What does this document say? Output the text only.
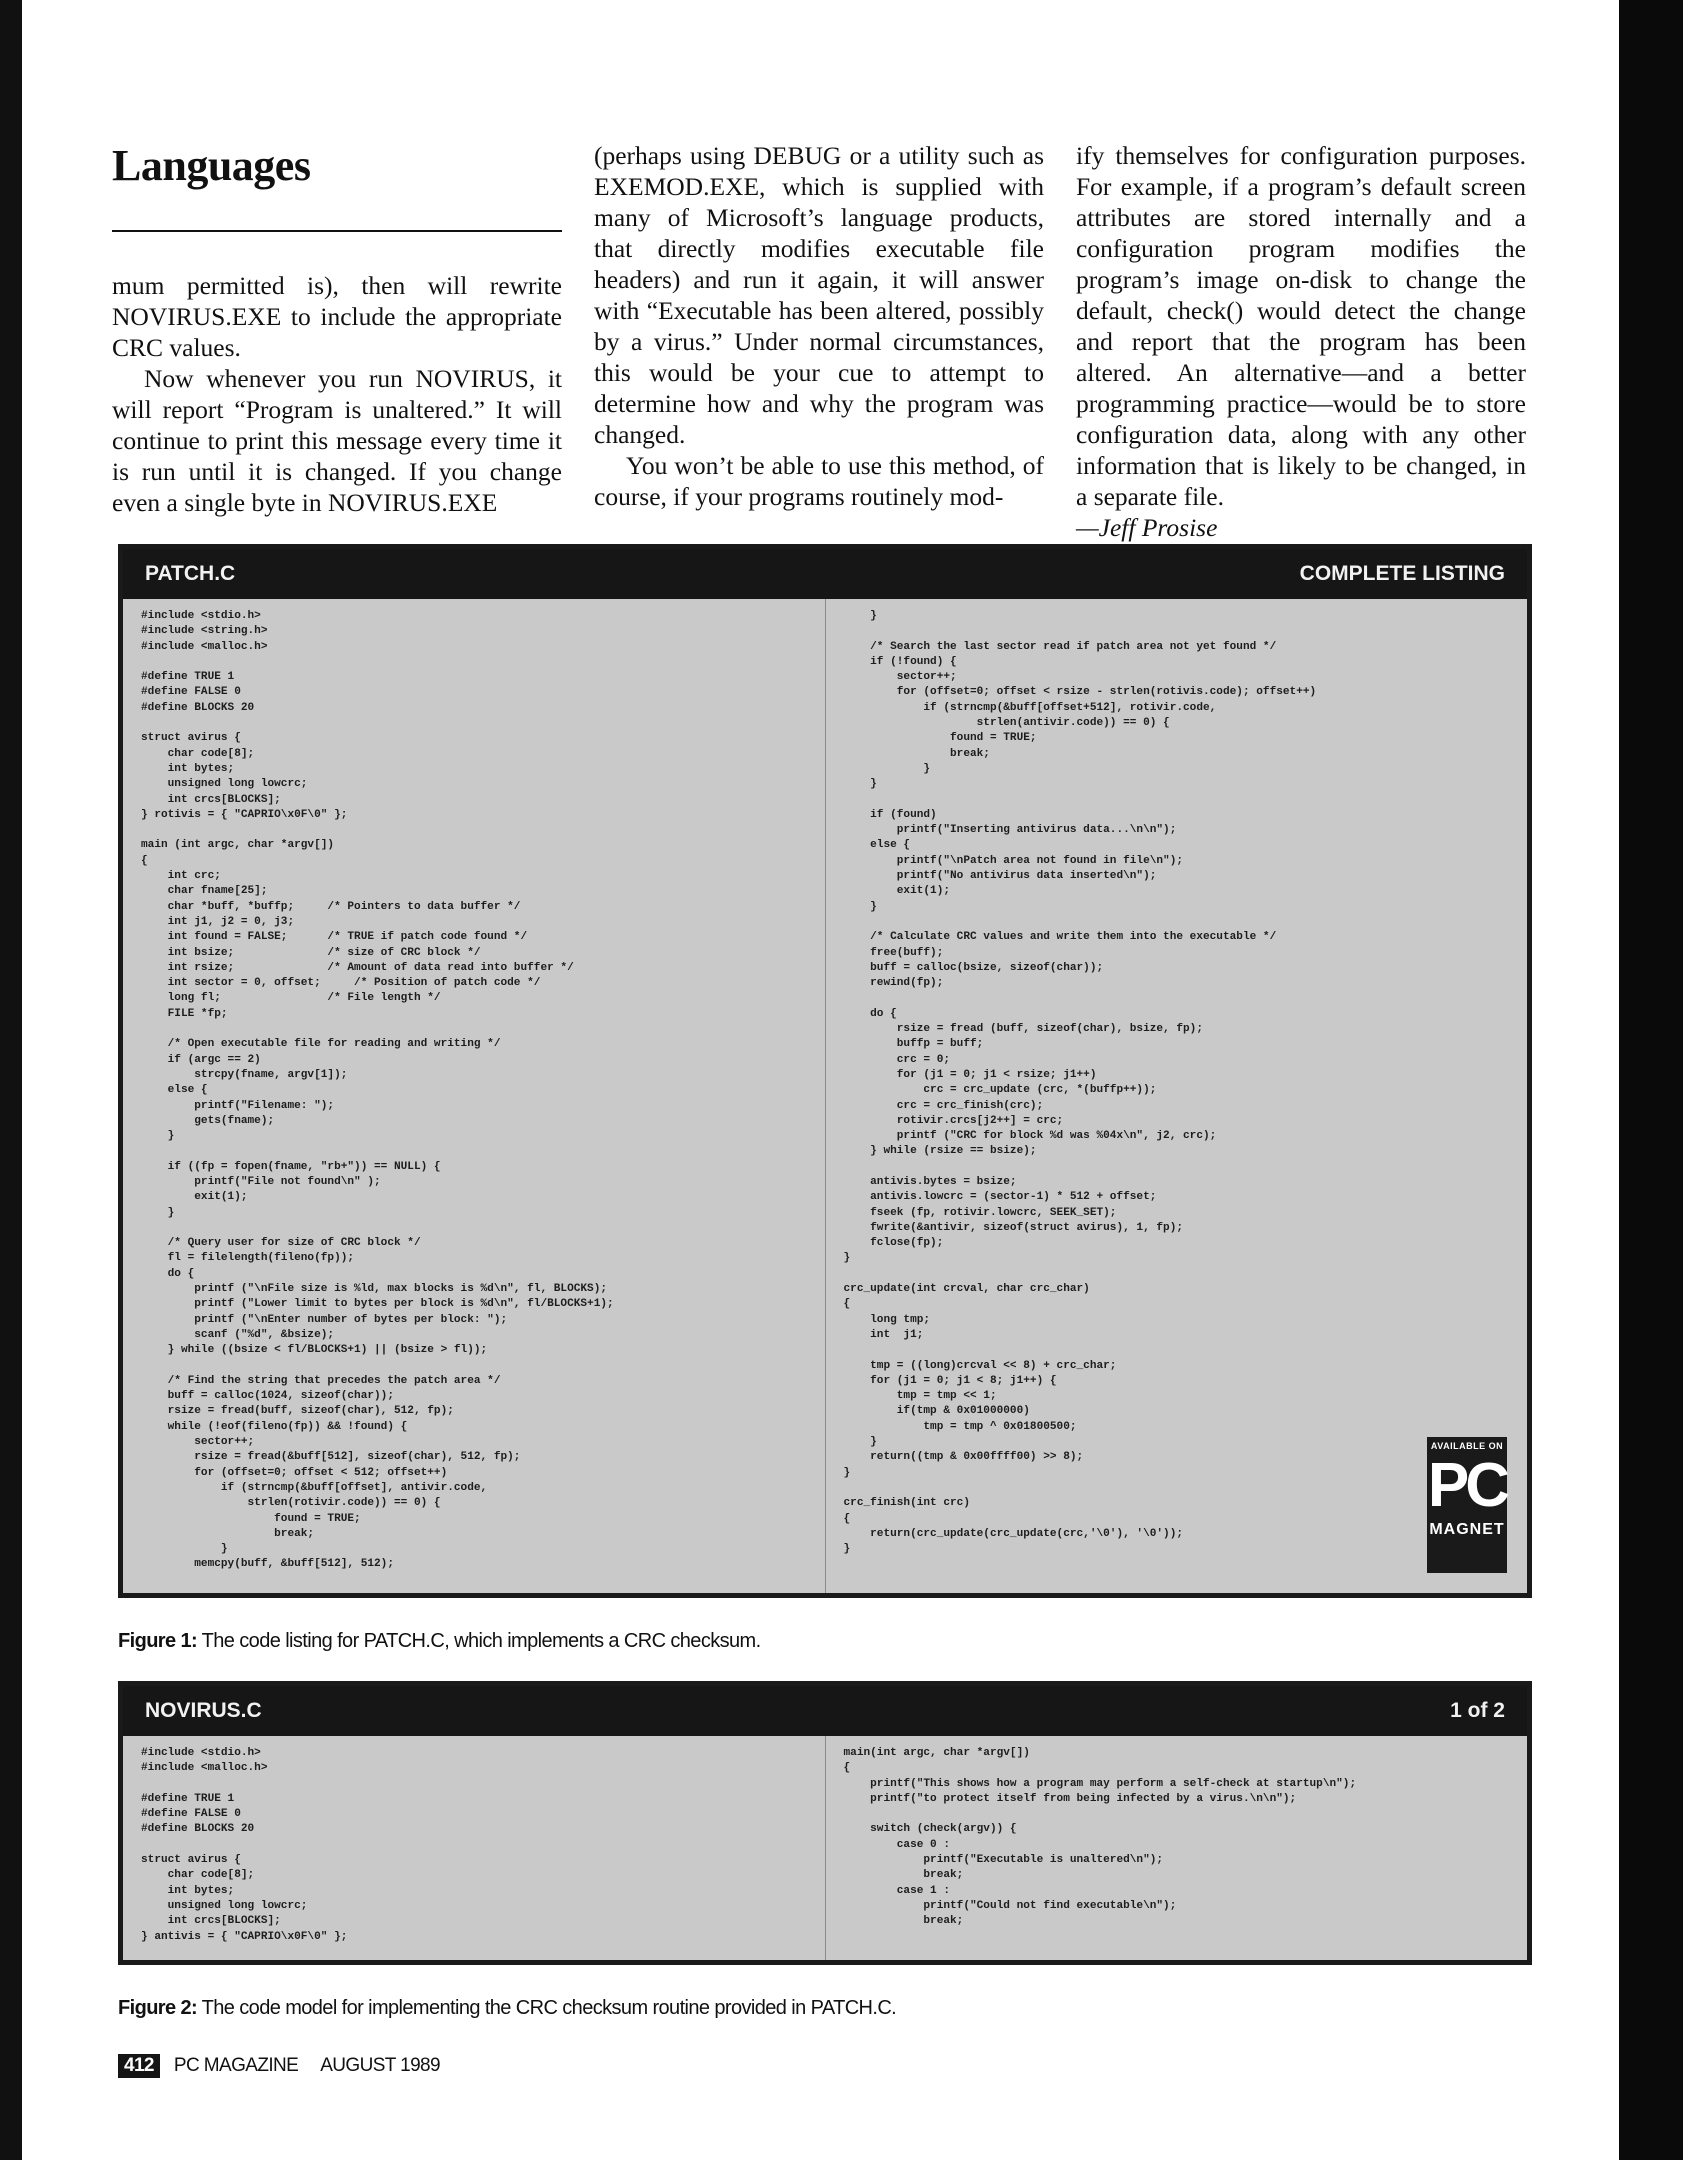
Languages

mum permitted is), then will rewrite NOVIRUS.EXE to include the appropriate CRC values.

Now whenever you run NOVIRUS, it will report “Program is unaltered.” It will continue to print this message every time it is run until it is changed. If you change even a single byte in NOVIRUS.EXE

(perhaps using DEBUG or a utility such as EXEMOD.EXE, which is supplied with many of Microsoft’s language products, that directly modifies executable file headers) and run it again, it will answer with “Executable has been altered, possibly by a virus.” Under normal circumstances, this would be your cue to attempt to determine how and why the program was changed.

You won’t be able to use this method, of course, if your programs routinely mod-

ify themselves for configuration purposes. For example, if a program’s default screen attributes are stored internally and a configuration program modifies the program’s image on-disk to change the default, check() would detect the change and report that the program has been altered. An alternative—and a better programming practice—would be to store configuration data, along with any other information that is likely to be changed, in a separate file.

—Jeff Prosise

PATCH.C	COMPLETE LISTING
#include <stdio.h>
#include <string.h>
#include <malloc.h>

#define TRUE 1
#define FALSE 0
#define BLOCKS 20

struct avirus {
char code[8];
int bytes;
unsigned long lowcrc;
int crcs[BLOCKS];
} rotivis = { "CAPRIO\x0F\0" };

main (int argc, char *argv[])
{
int crc;
char fname[25];
char *buff, *buffp;     /* Pointers to data buffer */
int j1, j2 = 0, j3;
int found = FALSE;      /* TRUE if patch code found */
int bsize;              /* size of CRC block */
int rsize;              /* Amount of data read into buffer */
int sector = 0, offset;     /* Position of patch code */
long fl;                /* File length */
FILE *fp;

/* Open executable file for reading and writing */
if (argc == 2)
strcpy(fname, argv[1]);
else {
printf("Filename: ");
gets(fname);
}

if ((fp = fopen(fname, "rb+")) == NULL) {
printf("File not found\n" );
exit(1);
}

/* Query user for size of CRC block */
fl = filelength(fileno(fp));
do {
printf ("\nFile size is %ld, max blocks is %d\n", fl, BLOCKS);
printf ("Lower limit to bytes per block is %d\n", fl/BLOCKS+1);
printf ("\nEnter number of bytes per block: ");
scanf ("%d", &bsize);
} while ((bsize < fl/BLOCKS+1) || (bsize > fl));

/* Find the string that precedes the patch area */
buff = calloc(1024, sizeof(char));
rsize = fread(buff, sizeof(char), 512, fp);
while (!eof(fileno(fp)) && !found) {
sector++;
rsize = fread(&buff[512], sizeof(char), 512, fp);
for (offset=0; offset < 512; offset++)
if (strncmp(&buff[offset], antivir.code,
strlen(rotivir.code)) == 0) {
found = TRUE;
break;
}
memcpy(buff, &buff[512], 512);
}

/* Search the last sector read if patch area not yet found */
if (!found) {
sector++;
for (offset=0; offset < rsize - strlen(rotivis.code); offset++)
if (strncmp(&buff[offset+512], rotivir.code,
strlen(antivir.code)) == 0) {
found = TRUE;
break;
}
}

if (found)
printf("Inserting antivirus data...\n\n");
else {
printf("\nPatch area not found in file\n");
printf("No antivirus data inserted\n");
exit(1);
}

/* Calculate CRC values and write them into the executable */
free(buff);
buff = calloc(bsize, sizeof(char));
rewind(fp);

do {
rsize = fread (buff, sizeof(char), bsize, fp);
buffp = buff;
crc = 0;
for (j1 = 0; j1 < rsize; j1++)
crc = crc_update (crc, *(buffp++));
crc = crc_finish(crc);
rotivir.crcs[j2++] = crc;
printf ("CRC for block %d was %04x\n", j2, crc);
} while (rsize == bsize);

antivis.bytes = bsize;
antivis.lowcrc = (sector-1) * 512 + offset;
fseek (fp, rotivir.lowcrc, SEEK_SET);
fwrite(&antivir, sizeof(struct avirus), 1, fp);
fclose(fp);
}

crc_update(int crcval, char crc_char)
{
long tmp;
int  j1;

tmp = ((long)crcval << 8) + crc_char;
for (j1 = 0; j1 < 8; j1++) {
tmp = tmp << 1;
if(tmp & 0x01000000)
tmp = tmp ^ 0x01800500;
}
return((tmp & 0x00ffff00) >> 8);
}

crc_finish(int crc)
{
return(crc_update(crc_update(crc,'\0'), '\0'));
}
AVAILABLE ON
PC
MAGNET
Figure 1: The code listing for PATCH.C, which implements a CRC checksum.
NOVIRUS.C	1 of 2
#include <stdio.h>
#include <malloc.h>

#define TRUE 1
#define FALSE 0
#define BLOCKS 20

struct avirus {
char code[8];
int bytes;
unsigned long lowcrc;
int crcs[BLOCKS];
} antivis = { "CAPRIO\x0F\0" };
main(int argc, char *argv[])
{
printf("This shows how a program may perform a self-check at startup\n");
printf("to protect itself from being infected by a virus.\n\n");

switch (check(argv)) {
case 0 :
printf("Executable is unaltered\n");
break;
case 1 :
printf("Could not find executable\n");
break;
Figure 2: The code model for implementing the CRC checksum routine provided in PATCH.C.
412	PC MAGAZINE AUGUST 1989
